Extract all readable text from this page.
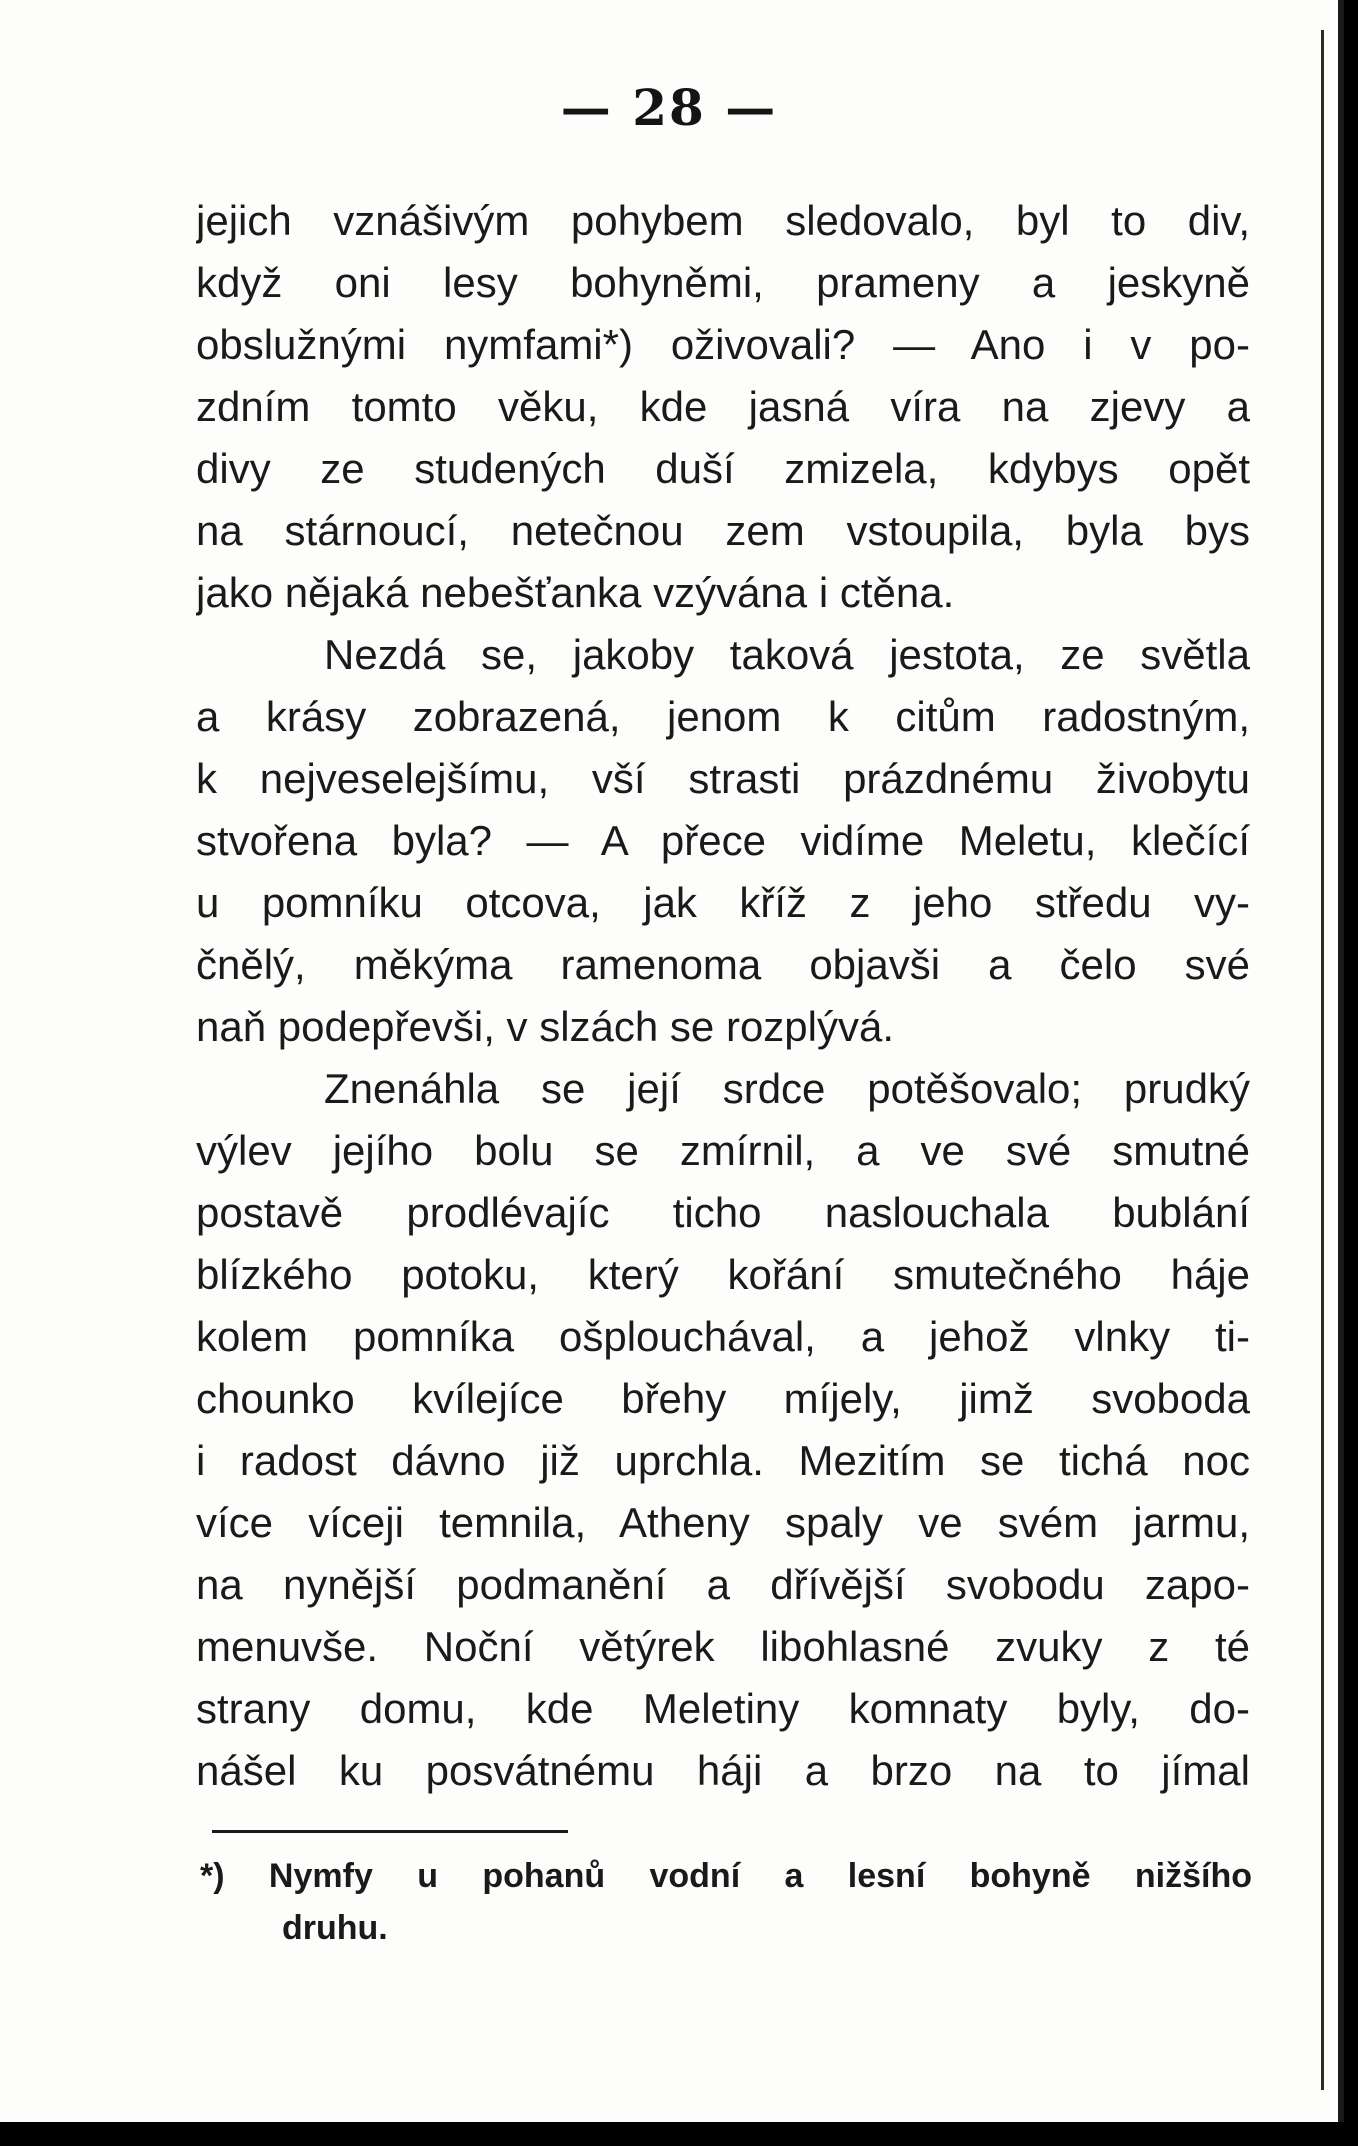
— 28 —
jejich vznášivým pohybem sledovalo, byl to div,
když oni lesy bohyněmi, prameny a jeskyně
obslužnými nymfami*) oživovali? — Ano i v po-
zdním tomto věku, kde jasná víra na zjevy a
divy ze studených duší zmizela, kdybys opět
na stárnoucí, netečnou zem vstoupila, byla bys
jako nějaká nebešťanka vzývána i ctěna.
Nezdá se, jakoby taková jestota, ze světla
a krásy zobrazená, jenom k citům radostným,
k nejveselejšímu, vší strasti prázdnému živobytu
stvořena byla? — A přece vidíme Meletu, klečící
u pomníku otcova, jak kříž z jeho středu vy-
čnělý, měkýma ramenoma objavši a čelo své
naň podepřevši, v slzách se rozplývá.
Znenáhla se její srdce potěšovalo; prudký
výlev jejího bolu se zmírnil, a ve své smutné
postavě prodlévajíc ticho naslouchala bublání
blízkého potoku, který kořání smutečného háje
kolem pomníka ošplouchával, a jehož vlnky ti-
chounko kvílejíce břehy míjely, jimž svoboda
i radost dávno již uprchla. Mezitím se tichá noc
více víceji temnila, Atheny spaly ve svém jarmu,
na nynější podmanění a dřívější svobodu zapo-
menuvše. Noční větýrek libohlasné zvuky z té
strany domu, kde Meletiny komnaty byly, do-
nášel ku posvátnému háji a brzo na to jímal
*) Nymfy u pohanů vodní a lesní bohyně nižšího
druhu.
